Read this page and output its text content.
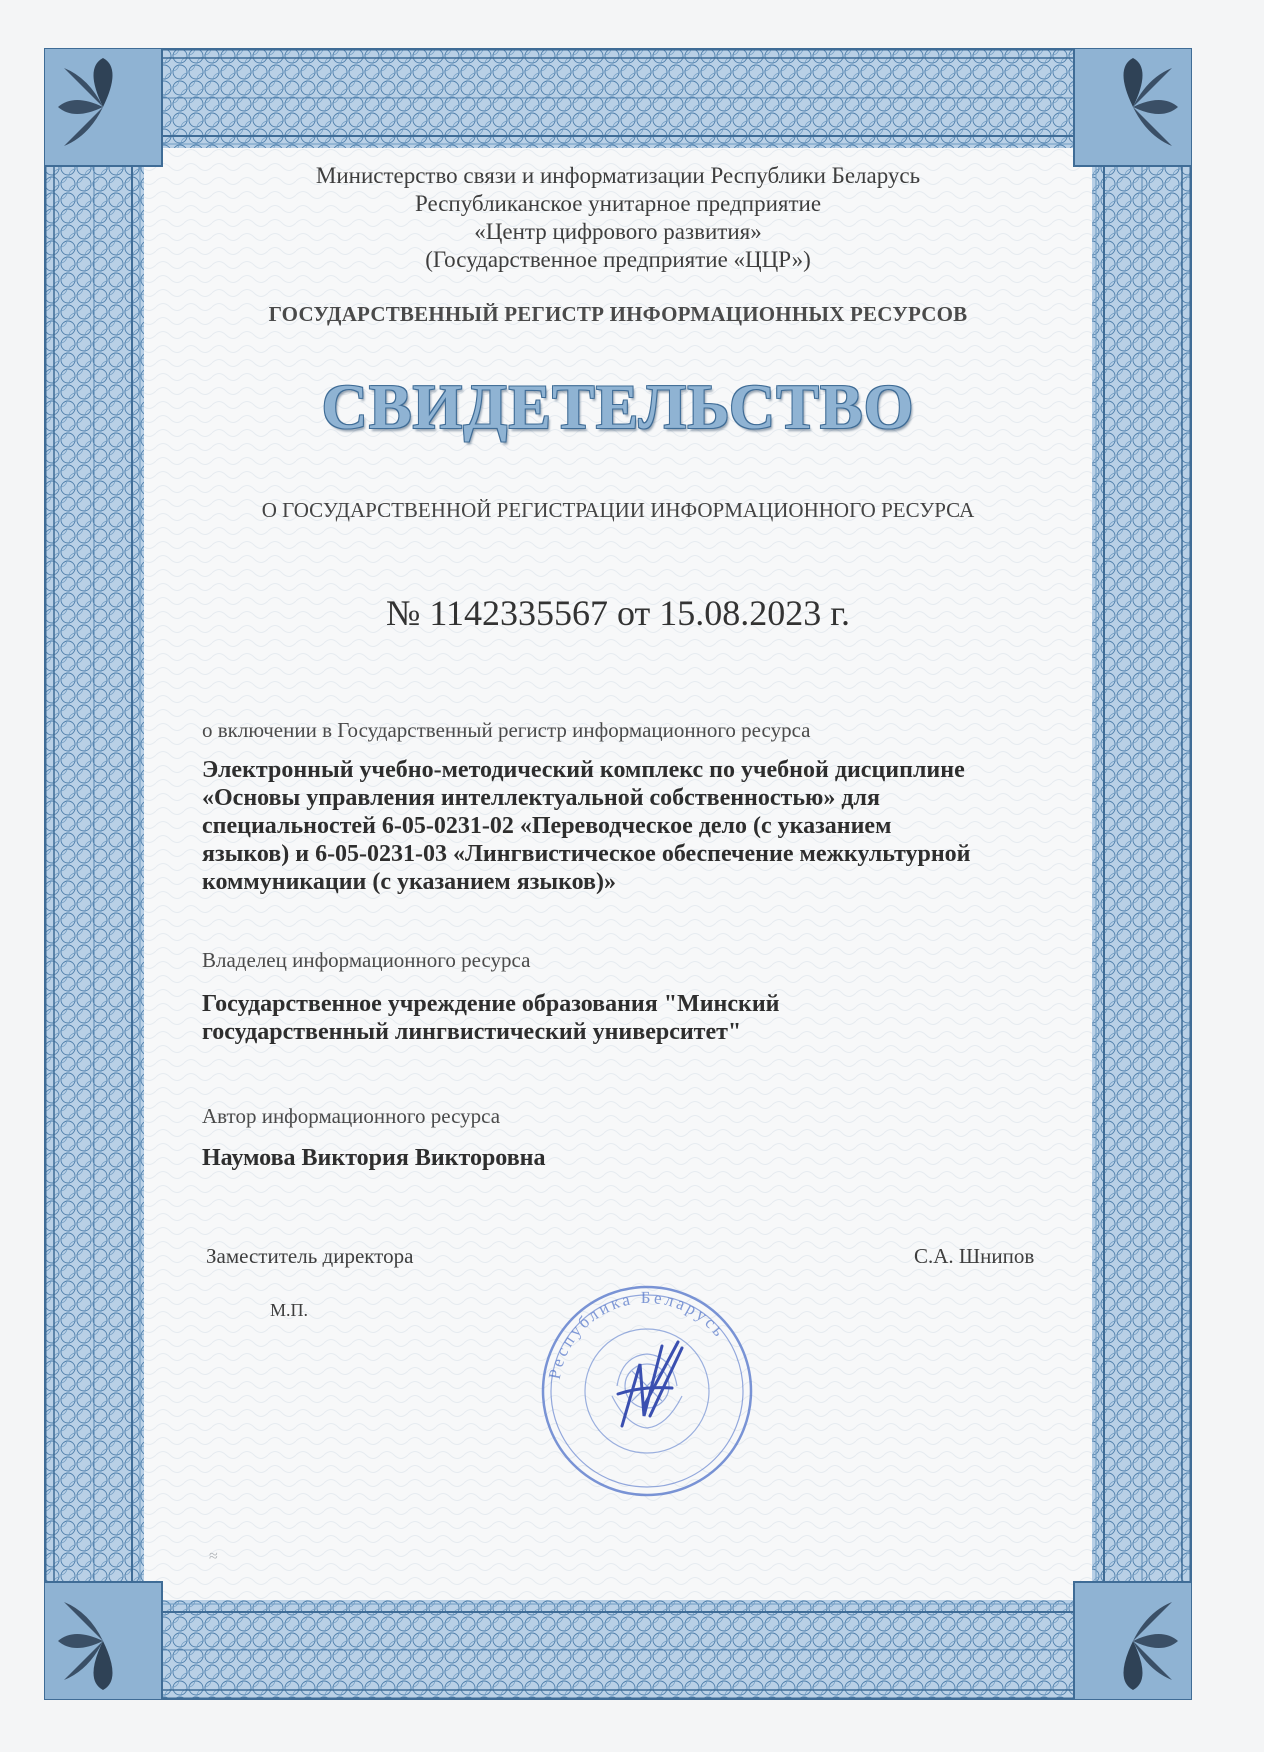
Министерство связи и информатизации Республики Беларусь
Республиканское унитарное предприятие
«Центр цифрового развития»
(Государственное предприятие «ЦЦР»)
ГОСУДАРСТВЕННЫЙ РЕГИСТР ИНФОРМАЦИОННЫХ РЕСУРСОВ
СВИДЕТЕЛЬСТВО
О ГОСУДАРСТВЕННОЙ РЕГИСТРАЦИИ ИНФОРМАЦИОННОГО РЕСУРСА
№ 1142335567 от 15.08.2023 г.
о включении в Государственный регистр информационного ресурса
Электронный учебно-методический комплекс по учебной дисциплине
«Основы управления интеллектуальной собственностью» для
специальностей 6-05-0231-02 «Переводческое дело (с указанием
языков) и 6-05-0231-03 «Лингвистическое обеспечение межкультурной
коммуникации (с указанием языков)»
Владелец информационного ресурса
Государственное учреждение образования "Минский
государственный лингвистический университет"
Автор информационного ресурса
Наумова Виктория Викторовна
Заместитель директора	С.А. Шнипов
М.П.
≈
Республика Беларусь
